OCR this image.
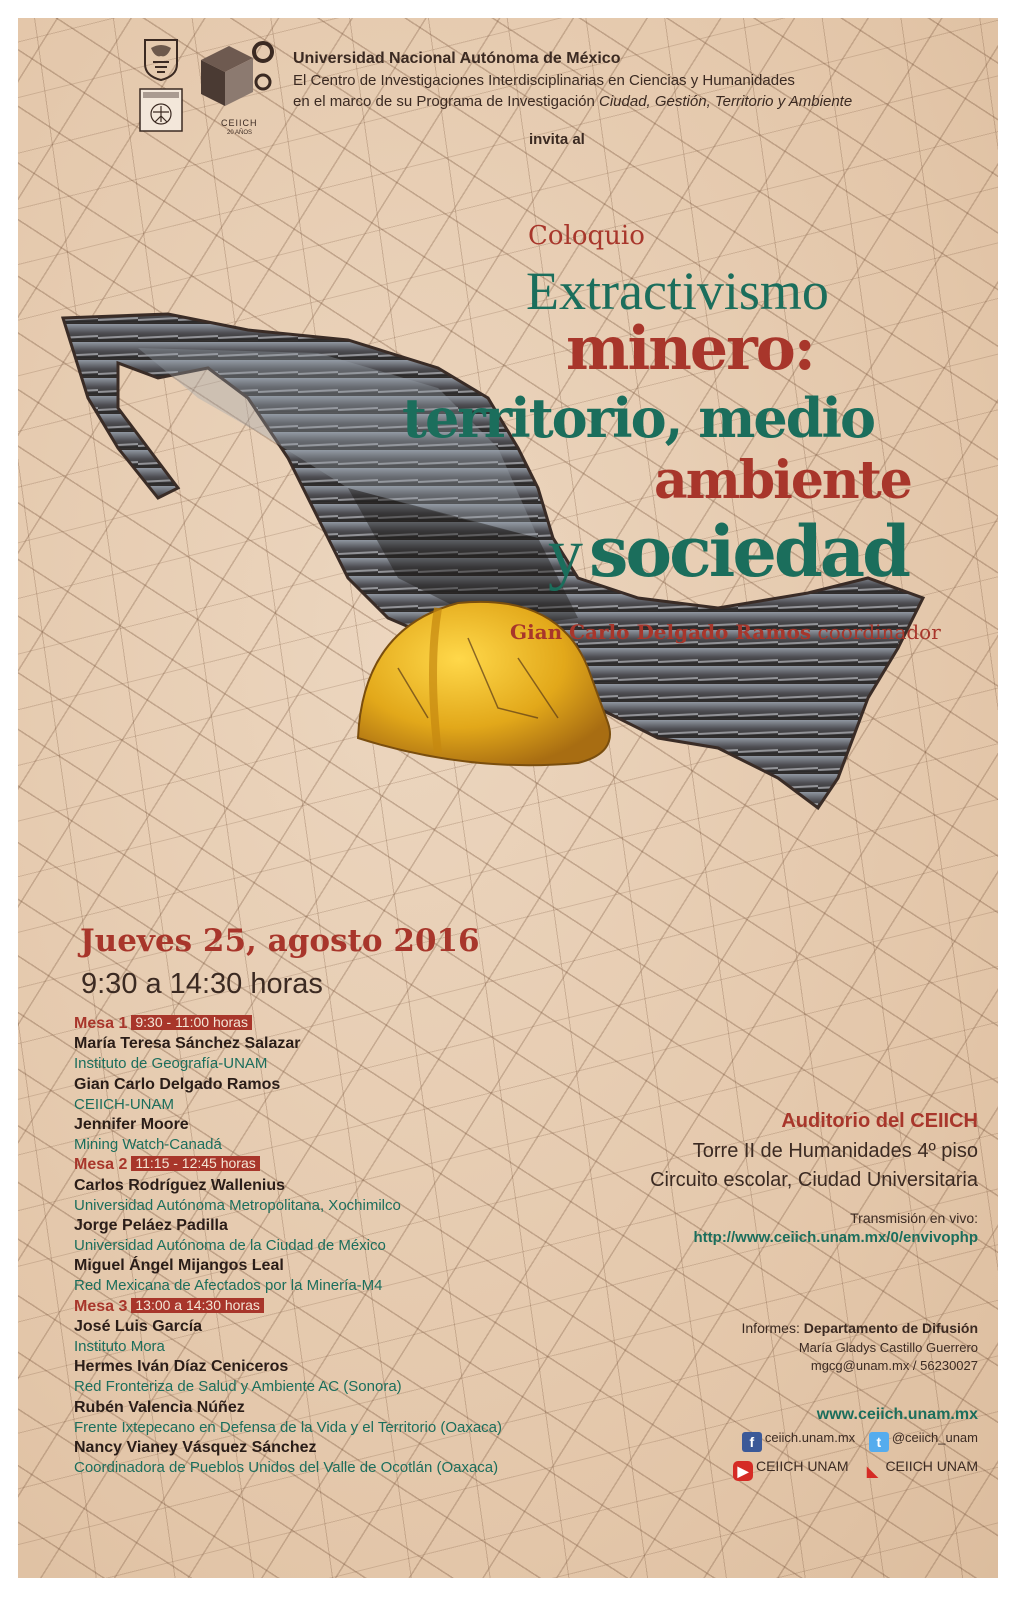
CEIICH
20 AÑOS
Universidad Nacional Autónoma de México
El Centro de Investigaciones Interdisciplinarias en Ciencias y Humanidades
en el marco de su Programa de Investigación Ciudad, Gestión, Territorio y Ambiente
invita al
Coloquio
Extractivismo
minero:
territorio, medio
ambiente
ysociedad
Gian Carlo Delgado Ramos coordinador
Jueves 25, agosto 2016
9:30 a 14:30 horas
Mesa 1 9:30 - 11:00 horas
María Teresa Sánchez Salazar
Instituto de Geografía-UNAM
Gian Carlo Delgado Ramos
CEIICH-UNAM
Jennifer Moore
Mining Watch-Canadá
Mesa 2 11:15 - 12:45 horas
Carlos Rodríguez Wallenius
Universidad Autónoma Metropolitana, Xochimilco
Jorge Peláez Padilla
Universidad Autónoma de la Ciudad de México
Miguel Ángel Mijangos Leal
Red Mexicana de Afectados por la Minería-M4
Mesa 3 13:00 a 14:30 horas
José Luis García
Instituto Mora
Hermes Iván Díaz Ceniceros
Red Fronteriza de Salud y Ambiente AC (Sonora)
Rubén Valencia Núñez
Frente Ixtepecano en Defensa de la Vida y el Territorio (Oaxaca)
Nancy Vianey Vásquez Sánchez
Coordinadora de Pueblos Unidos del Valle de Ocotlán (Oaxaca)
Auditorio del CEIICH
Torre II de Humanidades 4º piso
Circuito escolar, Ciudad Universitaria
Transmisión en vivo:
http://www.ceiich.unam.mx/0/envivophp
Informes: Departamento de Difusión
María Gladys Castillo Guerrero
mgcg@unam.mx / 56230027
www.ceiich.unam.mx
f ceiich.unam.mx t @ceiich_unam
▶ CEIICH UNAM ◣ CEIICH UNAM
